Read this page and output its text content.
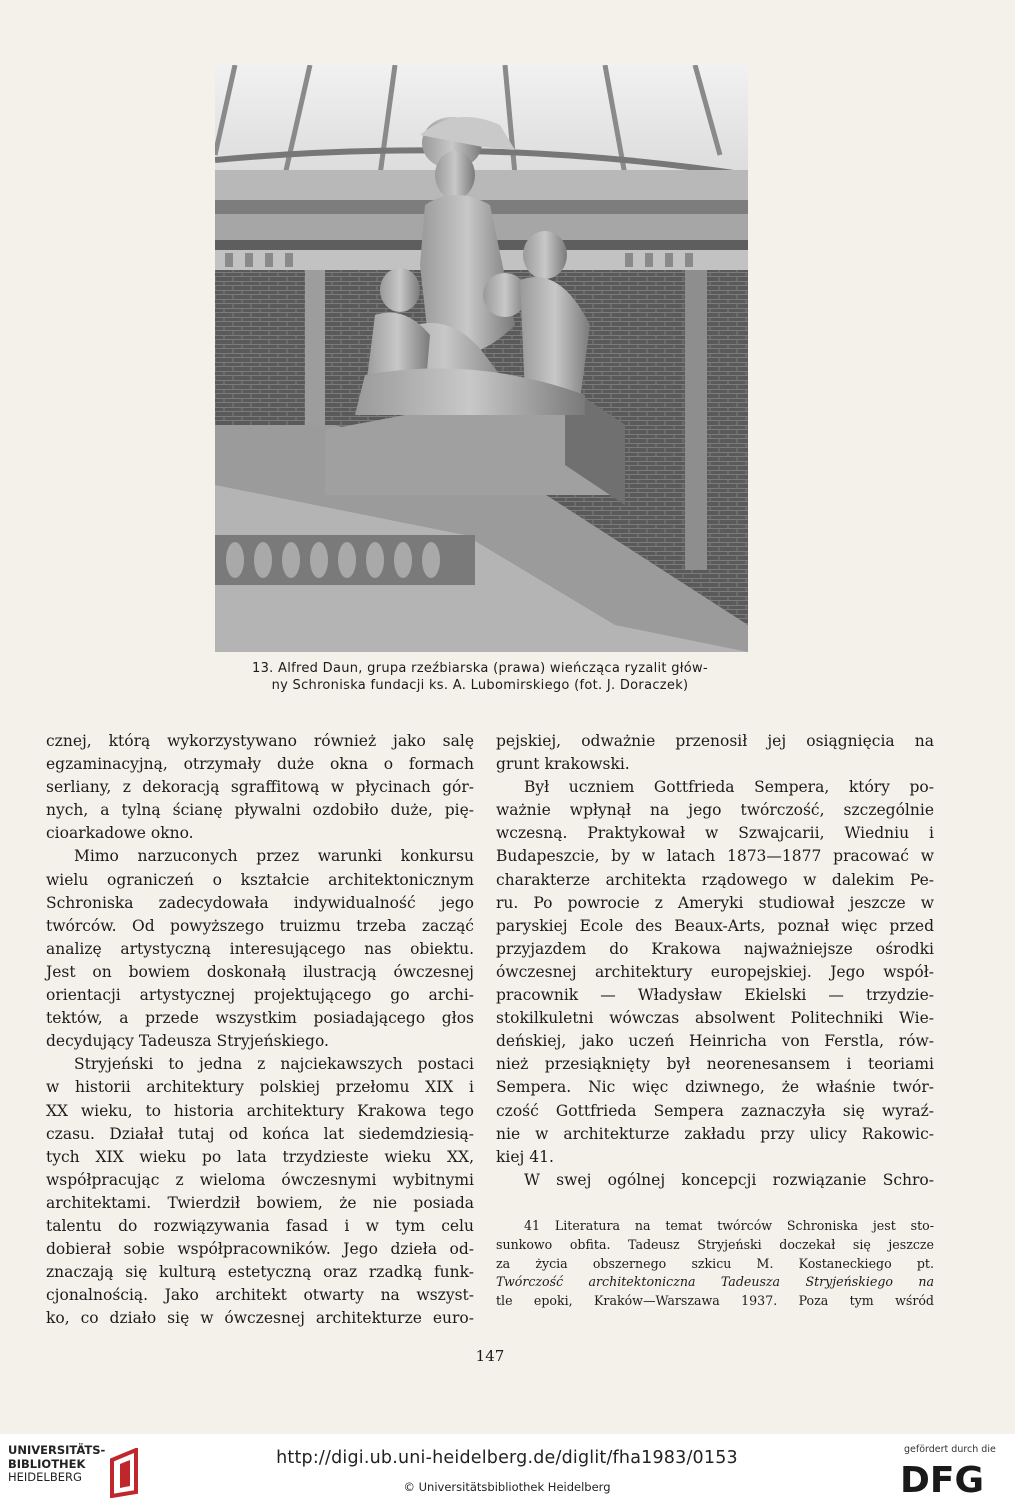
13. Alfred Daun, grupa rzeźbiarska (prawa) wieńcząca ryzalit głów-
ny Schroniska fundacji ks. A. Lubomirskiego (fot. J. Doraczek)
cznej, którą wykorzystywano również jako salę
egzaminacyjną, otrzymały duże okna o formach
serliany, z dekoracją sgraffitową w płycinach gór-
nych, a tylną ścianę pływalni ozdobiło duże, pię-
cioarkadowe okno.
Mimo narzuconych przez warunki konkursu
wielu ograniczeń o kształcie architektonicznym
Schroniska zadecydowała indywidualność jego
twórców. Od powyższego truizmu trzeba zacząć
analizę artystyczną interesującego nas obiektu.
Jest on bowiem doskonałą ilustracją ówczesnej
orientacji artystycznej projektującego go archi-
tektów, a przede wszystkim posiadającego głos
decydujący Tadeusza Stryjeńskiego.
Stryjeński to jedna z najciekawszych postaci
w historii architektury polskiej przełomu XIX i
XX wieku, to historia architektury Krakowa tego
czasu. Działał tutaj od końca lat siedemdziesią-
tych XIX wieku po lata trzydzieste wieku XX,
współpracując z wieloma ówczesnymi wybitnymi
architektami. Twierdził bowiem, że nie posiada
talentu do rozwiązywania fasad i w tym celu
dobierał sobie współpracowników. Jego dzieła od-
znaczają się kulturą estetyczną oraz rzadką funk-
cjonalnością. Jako architekt otwarty na wszyst-
ko, co działo się w ówczesnej architekturze euro-
pejskiej, odważnie przenosił jej osiągnięcia na
grunt krakowski.
Był uczniem Gottfrieda Sempera, który po-
ważnie wpłynął na jego twórczość, szczególnie
wczesną. Praktykował w Szwajcarii, Wiedniu i
Budapeszcie, by w latach 1873—1877 pracować w
charakterze architekta rządowego w dalekim Pe-
ru. Po powrocie z Ameryki studiował jeszcze w
paryskiej Ecole des Beaux-Arts, poznał więc przed
przyjazdem do Krakowa najważniejsze ośrodki
ówczesnej architektury europejskiej. Jego współ-
pracownik — Władysław Ekielski — trzydzie-
stokilkuletni wówczas absolwent Politechniki Wie-
deńskiej, jako uczeń Heinricha von Ferstla, rów-
nież przesiąknięty był neorenesansem i teoriami
Sempera. Nic więc dziwnego, że właśnie twór-
czość Gottfrieda Sempera zaznaczyła się wyraź-
nie w architekturze zakładu przy ulicy Rakowic-
kiej 41.
W swej ogólnej koncepcji rozwiązanie Schro-
41 Literatura na temat twórców Schroniska jest sto-
sunkowo obfita. Tadeusz Stryjeński doczekał się jeszcze
za życia obszernego szkicu M. Kostaneckiego pt.
Twórczość architektoniczna Tadeusza Stryjeńskiego na
tle epoki, Kraków—Warszawa 1937. Poza tym wśród
147
UNIVERSITÄTS-
BIBLIOTHEK
HEIDELBERG
http://digi.ub.uni-heidelberg.de/diglit/fha1983/0153
© Universitätsbibliothek Heidelberg
gefördert durch die
DFG
